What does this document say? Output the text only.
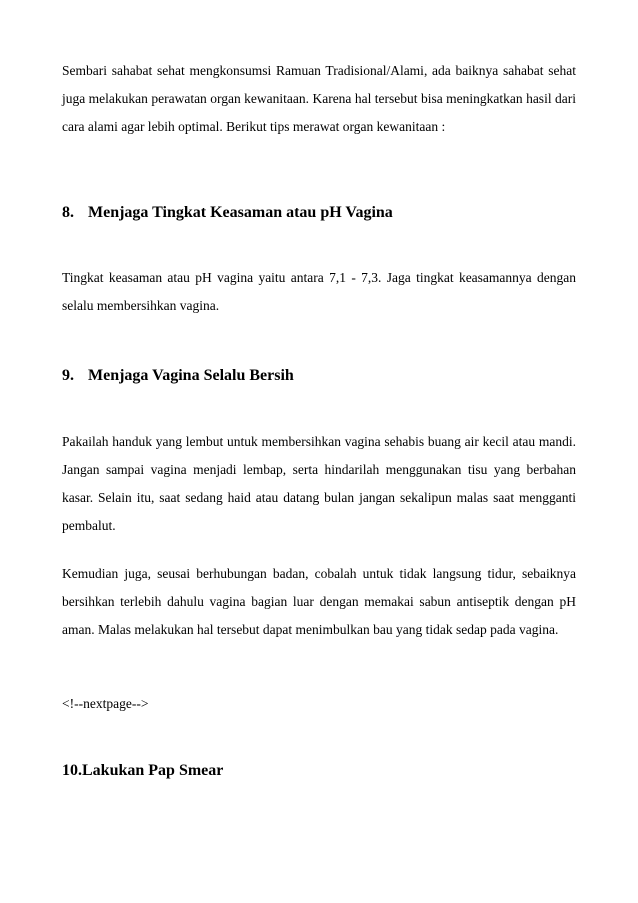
Sembari sahabat sehat mengkonsumsi Ramuan Tradisional/Alami, ada baiknya sahabat sehat juga melakukan perawatan organ kewanitaan. Karena hal tersebut bisa meningkatkan hasil dari cara alami agar lebih optimal. Berikut tips merawat organ kewanitaan :

8. Menjaga Tingkat Keasaman atau pH Vagina

Tingkat keasaman atau pH vagina yaitu antara 7,1 - 7,3. Jaga tingkat keasamannya dengan selalu membersihkan vagina.

9. Menjaga Vagina Selalu Bersih

Pakailah handuk yang lembut untuk membersihkan vagina sehabis buang air kecil atau mandi. Jangan sampai vagina menjadi lembap, serta hindarilah menggunakan tisu yang berbahan kasar. Selain itu, saat sedang haid atau datang bulan jangan sekalipun malas saat mengganti pembalut.

Kemudian juga, seusai berhubungan badan, cobalah untuk tidak langsung tidur, sebaiknya bersihkan terlebih dahulu vagina bagian luar dengan memakai sabun antiseptik dengan pH aman. Malas melakukan hal tersebut dapat menimbulkan bau yang tidak sedap pada vagina.

<!--nextpage-->

10.Lakukan Pap Smear
